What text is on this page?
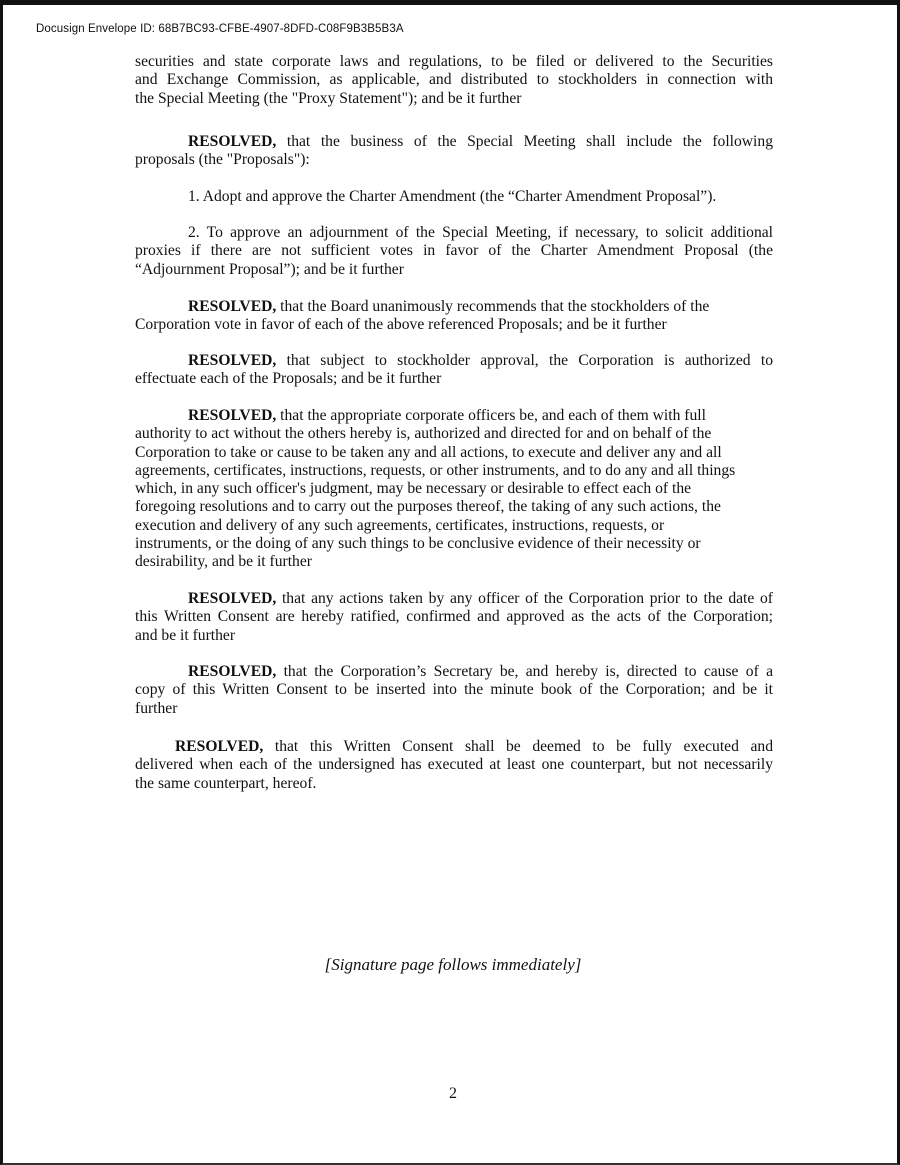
Docusign Envelope ID: 68B7BC93-CFBE-4907-8DFD-C08F9B3B5B3A
securities and state corporate laws and regulations, to be filed or delivered to the Securities
and Exchange Commission, as applicable, and distributed to stockholders in connection with
the Special Meeting (the "Proxy Statement"); and be it further
RESOLVED, that the business of the Special Meeting shall include the following
proposals (the "Proposals"):
1. Adopt and approve the Charter Amendment (the “Charter Amendment Proposal”).
2. To approve an adjournment of the Special Meeting, if necessary, to solicit additional
proxies if there are not sufficient votes in favor of the Charter Amendment Proposal (the
“Adjournment Proposal”); and be it further
RESOLVED, that the Board unanimously recommends that the stockholders of the
Corporation vote in favor of each of the above referenced Proposals; and be it further
RESOLVED, that subject to stockholder approval, the Corporation is authorized to
effectuate each of the Proposals; and be it further
RESOLVED, that the appropriate corporate officers be, and each of them with full
authority to act without the others hereby is, authorized and directed for and on behalf of the
Corporation to take or cause to be taken any and all actions, to execute and deliver any and all
agreements, certificates, instructions, requests, or other instruments, and to do any and all things
which, in any such officer's judgment, may be necessary or desirable to effect each of the
foregoing resolutions and to carry out the purposes thereof, the taking of any such actions, the
execution and delivery of any such agreements, certificates, instructions, requests, or
instruments, or the doing of any such things to be conclusive evidence of their necessity or
desirability, and be it further
RESOLVED, that any actions taken by any officer of the Corporation prior to the date of
this Written Consent are hereby ratified, confirmed and approved as the acts of the Corporation;
and be it further
RESOLVED, that the Corporation’s Secretary be, and hereby is, directed to cause of a
copy of this Written Consent to be inserted into the minute book of the Corporation; and be it
further
RESOLVED, that this Written Consent shall be deemed to be fully executed and
delivered when each of the undersigned has executed at least one counterpart, but not necessarily
the same counterpart, hereof.
[Signature page follows immediately]
2
